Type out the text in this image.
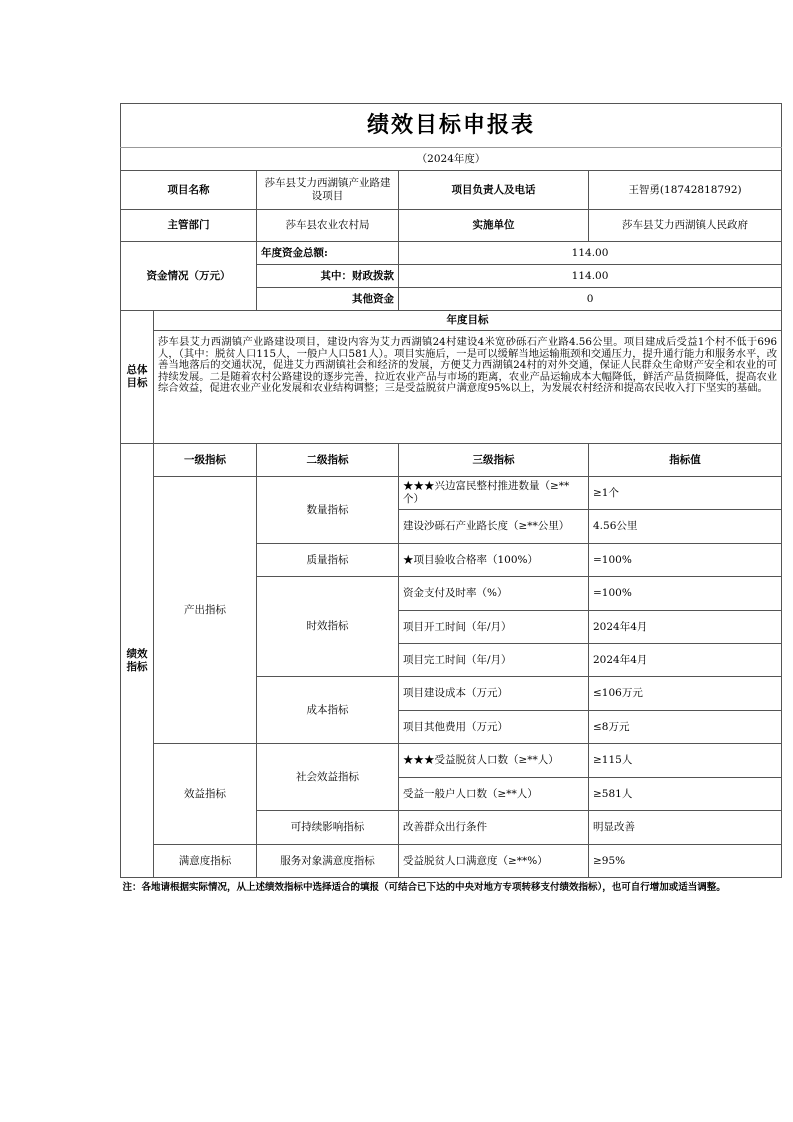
绩效目标申报表				
（2024年度）				
项目名称		莎车县艾力西湖镇产业路建设项目	项目负责人及电话	王智勇(18742818792)
主管部门		莎车县农业农村局	实施单位	莎车县艾力西湖镇人民政府
资金情况（万元）		年度资金总额:	114.00	
		其中：财政拨款	114.00	
		其他资金	0	
总体目标	年度目标			
	莎车县艾力西湖镇产业路建设项目，建设内容为艾力西湖镇24村建设4米宽砂砾石产业路4.56公里。项目建成后受益1个村不低于696人，（其中：脱贫人口115人，一般户人口581人）。项目实施后，一是可以缓解当地运输瓶颈和交通压力，提升通行能力和服务水平，改善当地落后的交通状况，促进艾力西湖镇社会和经济的发展，方便艾力西湖镇24村的对外交通，保证人民群众生命财产安全和农业的可持续发展。二是随着农村公路建设的逐步完善，拉近农业产品与市场的距离，农业产品运输成本大幅降低，鲜活产品货损降低，提高农业综合效益，促进农业产业化发展和农业结构调整；三是受益脱贫户满意度95%以上，为发展农村经济和提高农民收入打下坚实的基础。			
绩效指标	一级指标	二级指标	三级指标	指标值
	产出指标	数量指标	★★★兴边富民整村推进数量（≥**个）	≥1个
			建设沙砾石产业路长度（≥**公里）	4.56公里
		质量指标	★项目验收合格率（100%）	=100%
		时效指标	资金支付及时率（%）	=100%
			项目开工时间（年/月）	2024年4月
			项目完工时间（年/月）	2024年4月
		成本指标	项目建设成本（万元）	≤106万元
			项目其他费用（万元）	≤8万元
	效益指标	社会效益指标	★★★受益脱贫人口数（≥**人）	≥115人
			受益一般户人口数（≥**人）	≥581人
		可持续影响指标	改善群众出行条件	明显改善
	满意度指标	服务对象满意度指标	受益脱贫人口满意度（≥**%）	≥95%
注：各地请根据实际情况，从上述绩效指标中选择适合的填报（可结合已下达的中央对地方专项转移支付绩效指标），也可自行增加或适当调整。				
